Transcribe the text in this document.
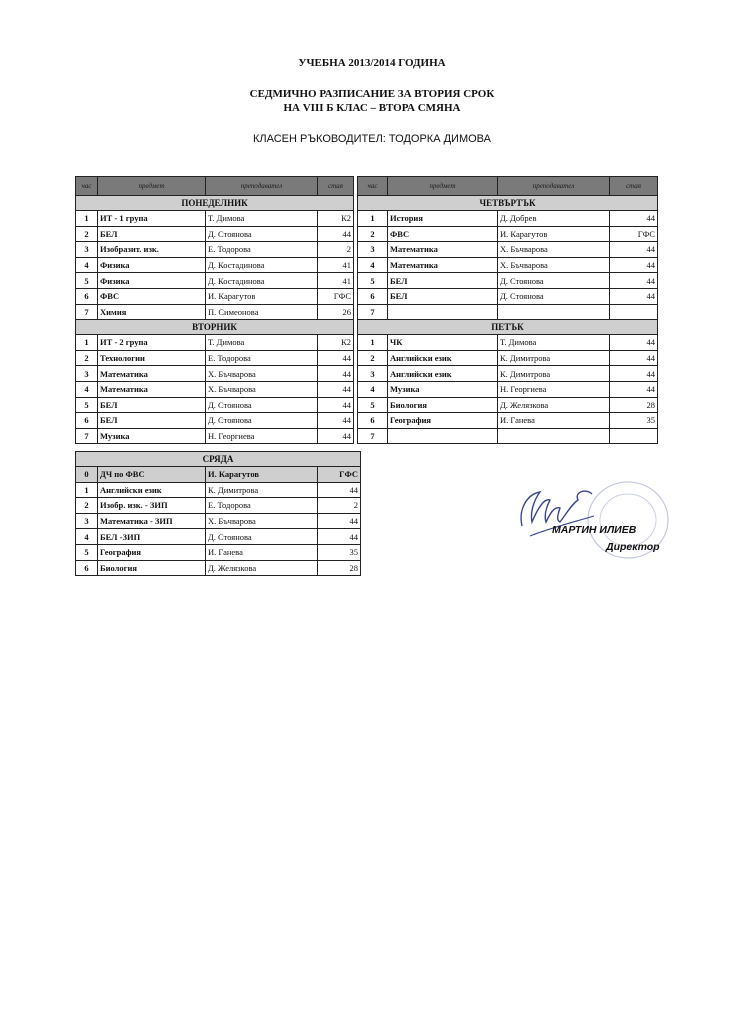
УЧЕБНА 2013/2014 ГОДИНА
СЕДМИЧНО РАЗПИСАНИЕ ЗА ВТОРИЯ СРОК
НА VIII Б КЛАС – ВТОРА СМЯНА
КЛАСЕН РЪКОВОДИТЕЛ: ТОДОРКА ДИМОВА
час	предмет	преподавател	стая
ПОНЕДЕЛНИК			
1	ИТ - 1 група	Т. Димова	К2
2	БЕЛ	Д. Стоянова	44
3	Изобразит. изк.	Е. Тодорова	2
4	Физика	Д. Костадинова	41
5	Физика	Д. Костадинова	41
6	ФВС	И. Карагутов	ГФС
7	Химия	П. Симеонова	26
ВТОРНИК			
1	ИТ - 2 група	Т. Димова	К2
2	Технологии	Е. Тодорова	44
3	Математика	Х. Бъчварова	44
4	Математика	Х. Бъчварова	44
5	БЕЛ	Д. Стоянова	44
6	БЕЛ	Д. Стоянова	44
7	Музика	Н. Георгиева	44
час	предмет	преподавател	стая
ЧЕТВЪРТЪК			
1	История	Д. Добрев	44
2	ФВС	И. Карагутов	ГФС
3	Математика	Х. Бъчварова	44
4	Математика	Х. Бъчварова	44
5	БЕЛ	Д. Стоянова	44
6	БЕЛ	Д. Стоянова	44
7			
ПЕТЪК			
1	ЧК	Т. Димова	44
2	Английски език	К. Димитрова	44
3	Английски език	К. Димитрова	44
4	Музика	Н. Георгиева	44
5	Биология	Д. Желязкова	28
6	География	И. Ганева	35
7			
СРЯДА			
0	ДЧ по ФВС	И. Карагутов	ГФС
1	Английски език	К. Димитрова	44
2	Изобр. изк. - ЗИП	Е. Тодорова	2
3	Математика - ЗИП	Х. Бъчварова	44
4	БЕЛ -ЗИП	Д. Стоянова	44
5	География	И. Ганева	35
6	Биология	Д. Желязкова	28
МАРТИН ИЛИЕВ
Директор
